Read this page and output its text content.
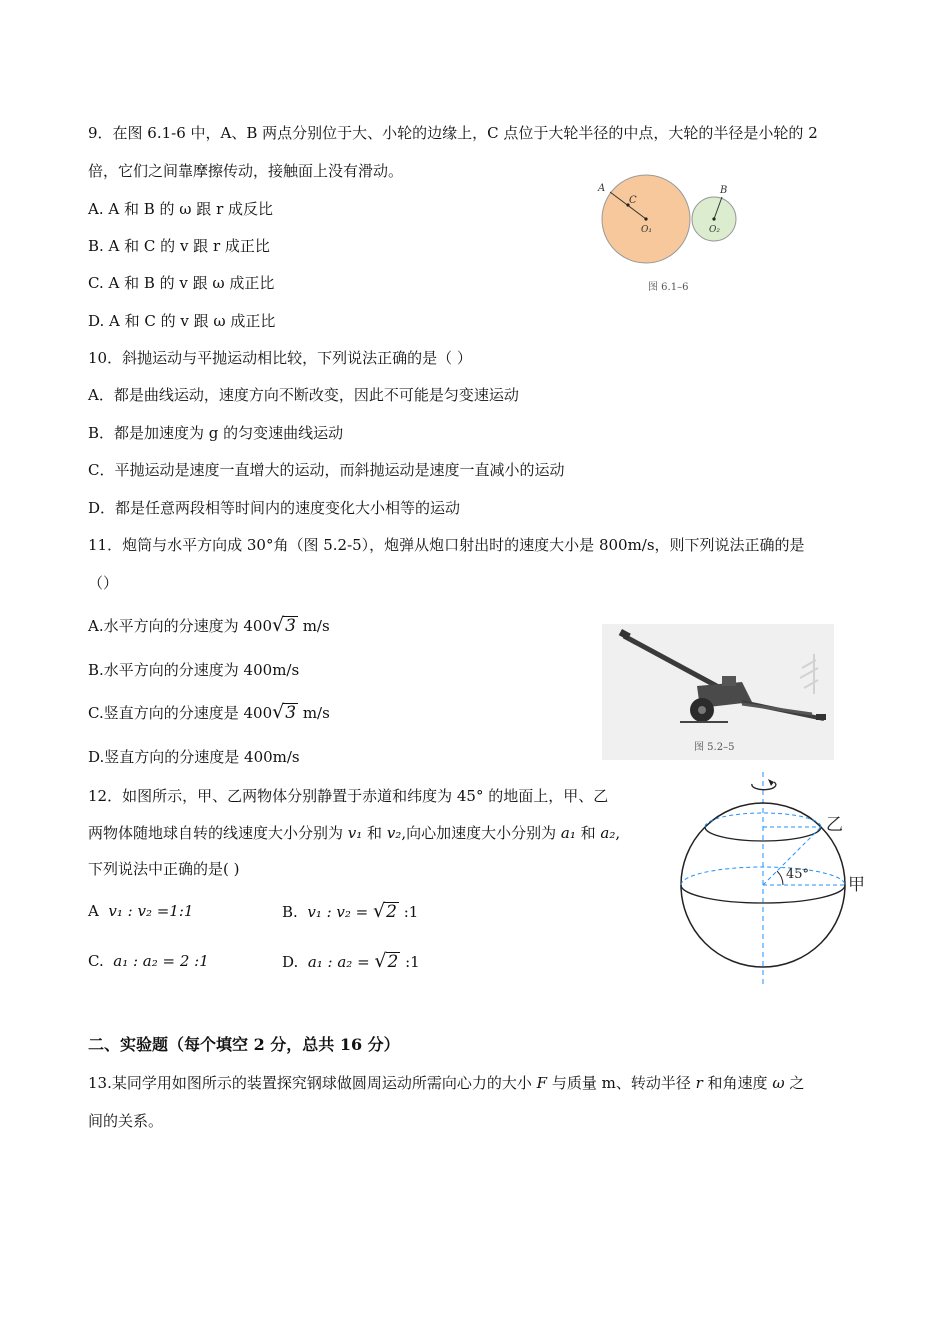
9．在图 6.1-6 中，A、B 两点分别位于大、小轮的边缘上，C 点位于大轮半径的中点，大轮的半径是小轮的 2
倍，它们之间靠摩擦传动，接触面上没有滑动。
A. A 和 B 的 ω 跟 r 成反比
B. A 和 C 的 v 跟 r 成正比
C. A 和 B 的 v 跟 ω 成正比
D. A 和 C 的 v 跟 ω 成正比
A
C
B
O₁	O₂
图 6.1–6
10．斜抛运动与平抛运动相比较，下列说法正确的是（ ）
A．都是曲线运动，速度方向不断改变，因此不可能是匀变速运动
B．都是加速度为 g 的匀变速曲线运动
C．平抛运动是速度一直增大的运动，而斜抛运动是速度一直减小的运动
D．都是任意两段相等时间内的速度变化大小相等的运动
11．炮筒与水平方向成 30°角（图 5.2-5），炮弹从炮口射出时的速度大小是 800m/s，则下列说法正确的是
（）
A.水平方向的分速度为 400√3 m/s
B.水平方向的分速度为 400m/s
C.竖直方向的分速度是 400√3 m/s
D.竖直方向的分速度是 400m/s
图 5.2–5
12．如图所示，甲、乙两物体分别静置于赤道和纬度为 45° 的地面上，甲、乙
两物体随地球自转的线速度大小分别为 v₁ 和 v₂,向心加速度大小分别为 a₁ 和 a₂,
下列说法中正确的是( )
A v₁ : v₂ =1:1	B. v₁ : v₂ = √2 :1
C. a₁ : a₂ = 2 :1	D. a₁ : a₂ = √2 :1
45°
乙
甲
二、实验题（每个填空 2 分，总共 16 分）
13.某同学用如图所示的装置探究钢球做圆周运动所需向心力的大小 F 与质量 m、转动半径 r 和角速度 ω 之
间的关系。
